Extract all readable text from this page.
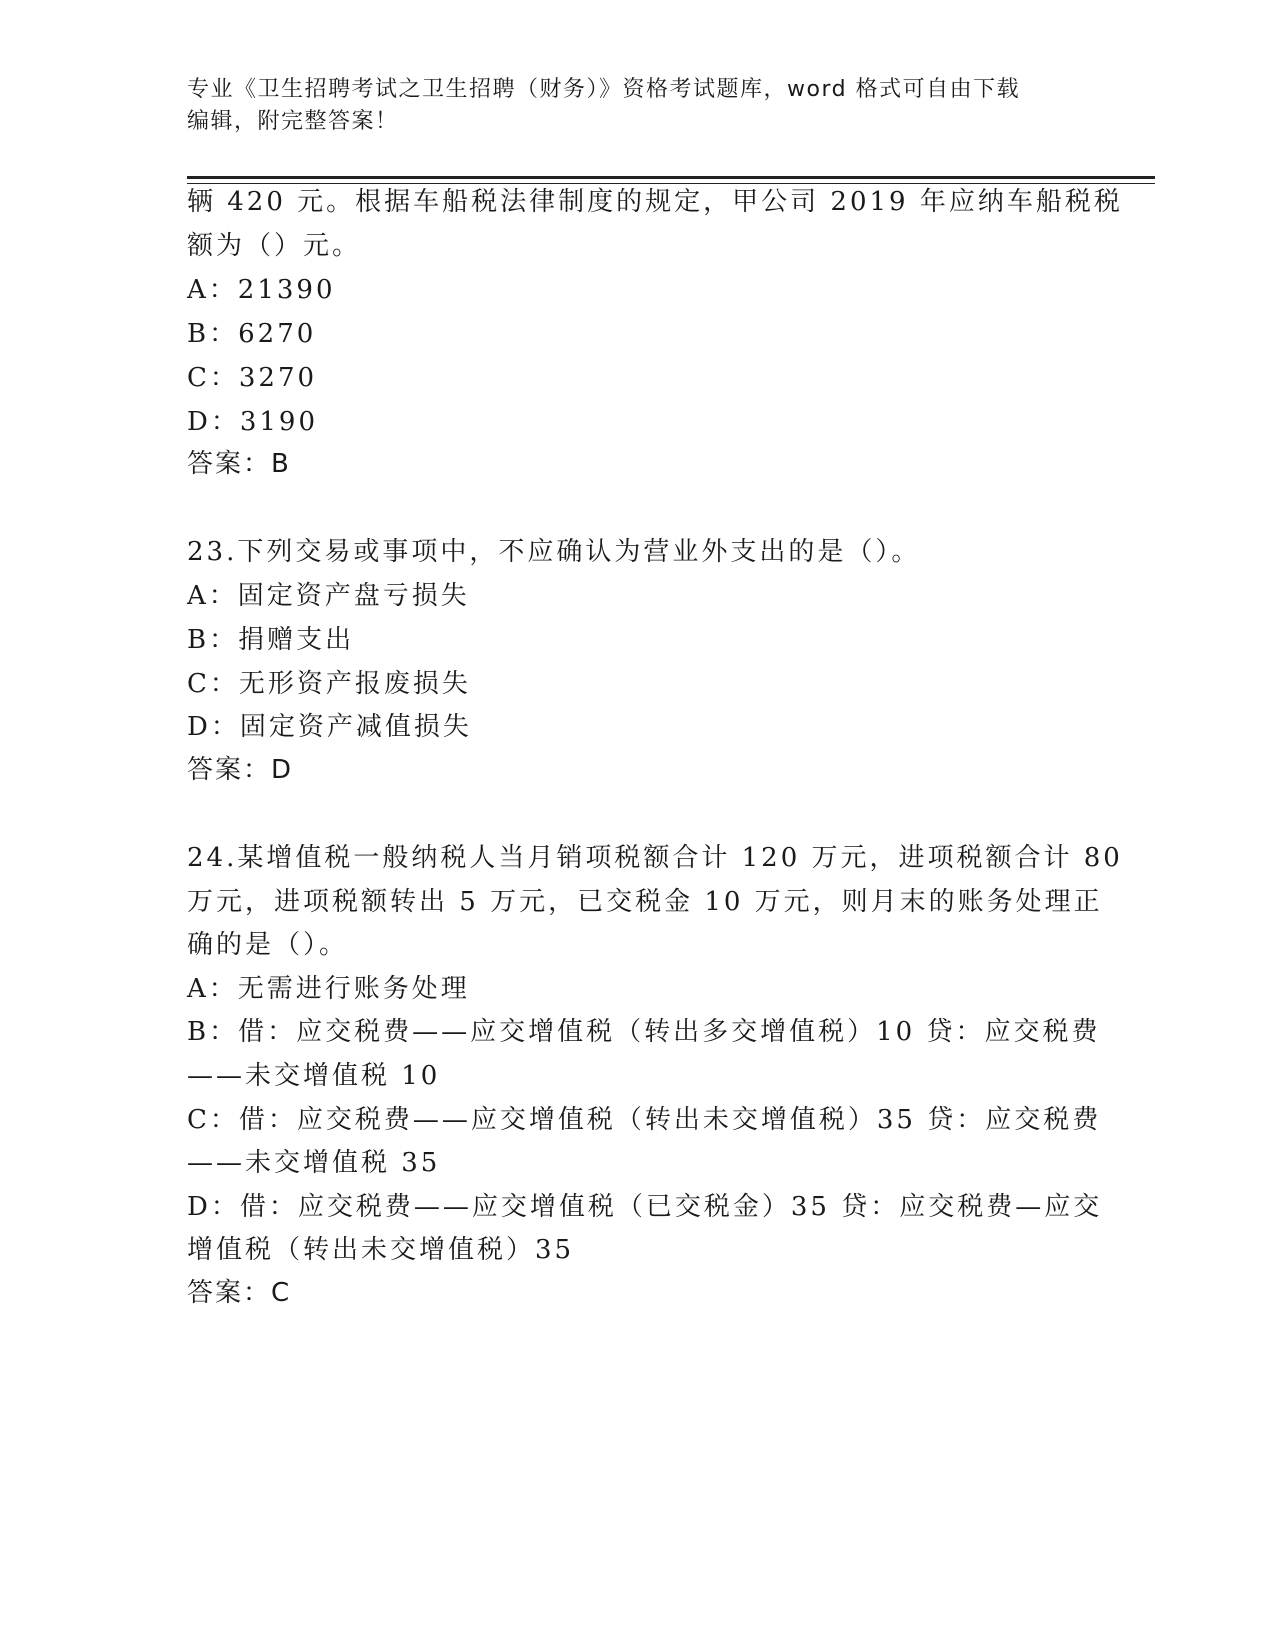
专业《卫生招聘考试之卫生招聘（财务）》资格考试题库，word 格式可自由下载
编辑，附完整答案！
辆 420 元。根据车船税法律制度的规定，甲公司 2019 年应纳车船税税
额为（）元。
A：21390
B：6270
C：3270
D：3190
答案：B
23.下列交易或事项中，不应确认为营业外支出的是（）。
A：固定资产盘亏损失
B：捐赠支出
C：无形资产报废损失
D：固定资产减值损失
答案：D
24.某增值税一般纳税人当月销项税额合计 120 万元，进项税额合计 80
万元，进项税额转出 5 万元，已交税金 10 万元，则月末的账务处理正
确的是（）。
A：无需进行账务处理
B：借：应交税费——应交增值税（转出多交增值税）10 贷：应交税费
——未交增值税 10
C：借：应交税费——应交增值税（转出未交增值税）35 贷：应交税费
——未交增值税 35
D：借：应交税费——应交增值税（已交税金）35 贷：应交税费—应交
增值税（转出未交增值税）35
答案：C
